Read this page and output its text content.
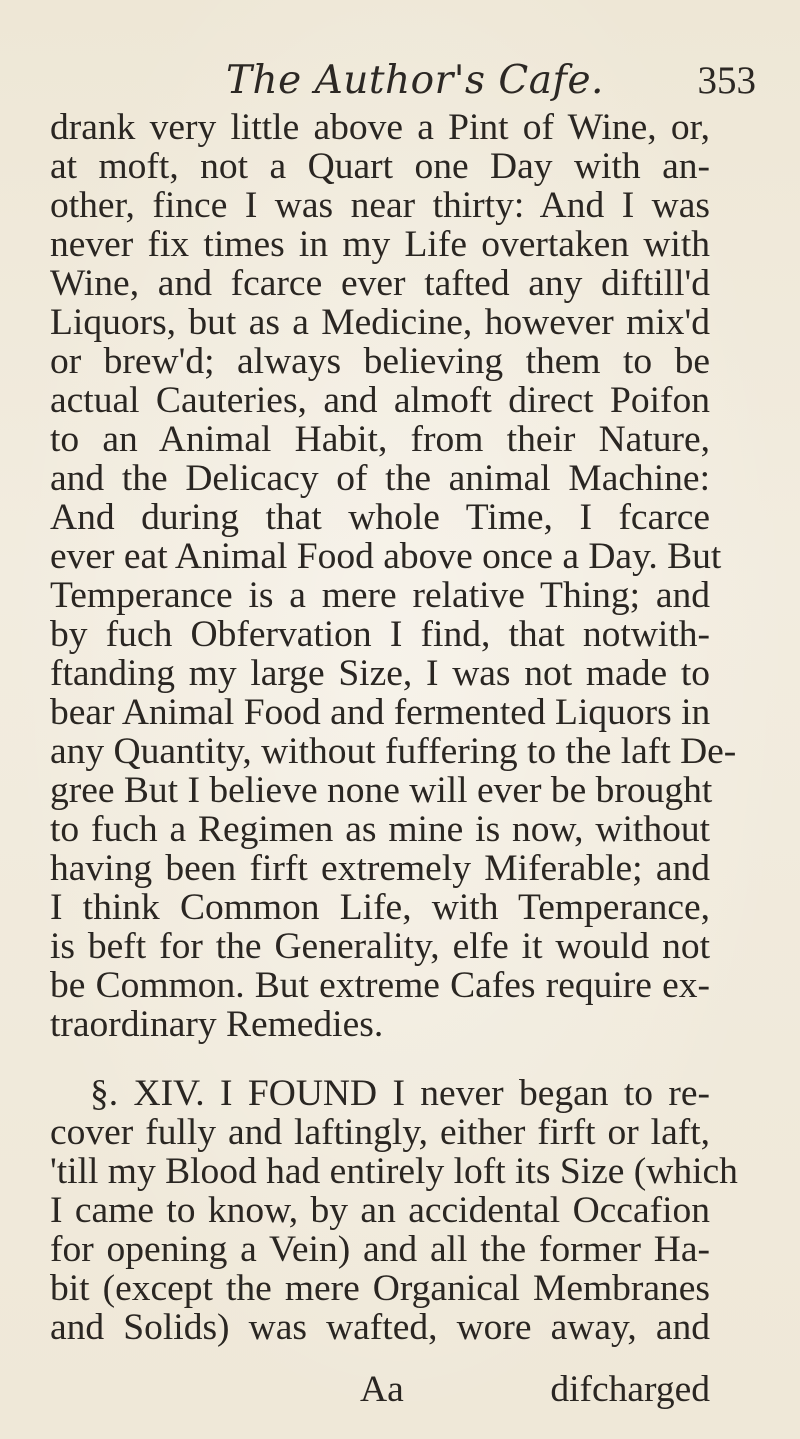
The Author's Cafe. 353
drank very little above a Pint of Wine, or,
at moft, not a Quart one Day with an-
other, fince I was near thirty: And I was
never fix times in my Life overtaken with
Wine, and fcarce ever tafted any diftill'd
Liquors, but as a Medicine, however mix'd
or brew'd; always believing them to be
actual Cauteries, and almoft direct Poifon
to an Animal Habit, from their Nature,
and the Delicacy of the animal Machine:
And during that whole Time, I fcarce
ever eat Animal Food above once a Day. But
Temperance is a mere relative Thing; and
by fuch Obfervation I find, that notwith-
ftanding my large Size, I was not made to
bear Animal Food and fermented Liquors in
any Quantity, without fuffering to the laft De-
gree But I believe none will ever be brought
to fuch a Regimen as mine is now, without
having been firft extremely Miferable; and
I think Common Life, with Temperance,
is beft for the Generality, elfe it would not
be Common. But extreme Cafes require ex-
traordinary Remedies.
§. XIV. I FOUND I never began to re-
cover fully and laftingly, either firft or laft,
'till my Blood had entirely loft its Size (which
I came to know, by an accidental Occafion
for opening a Vein) and all the former Ha-
bit (except the mere Organical Membranes
and Solids) was wafted, wore away, and
Aa	difcharged
